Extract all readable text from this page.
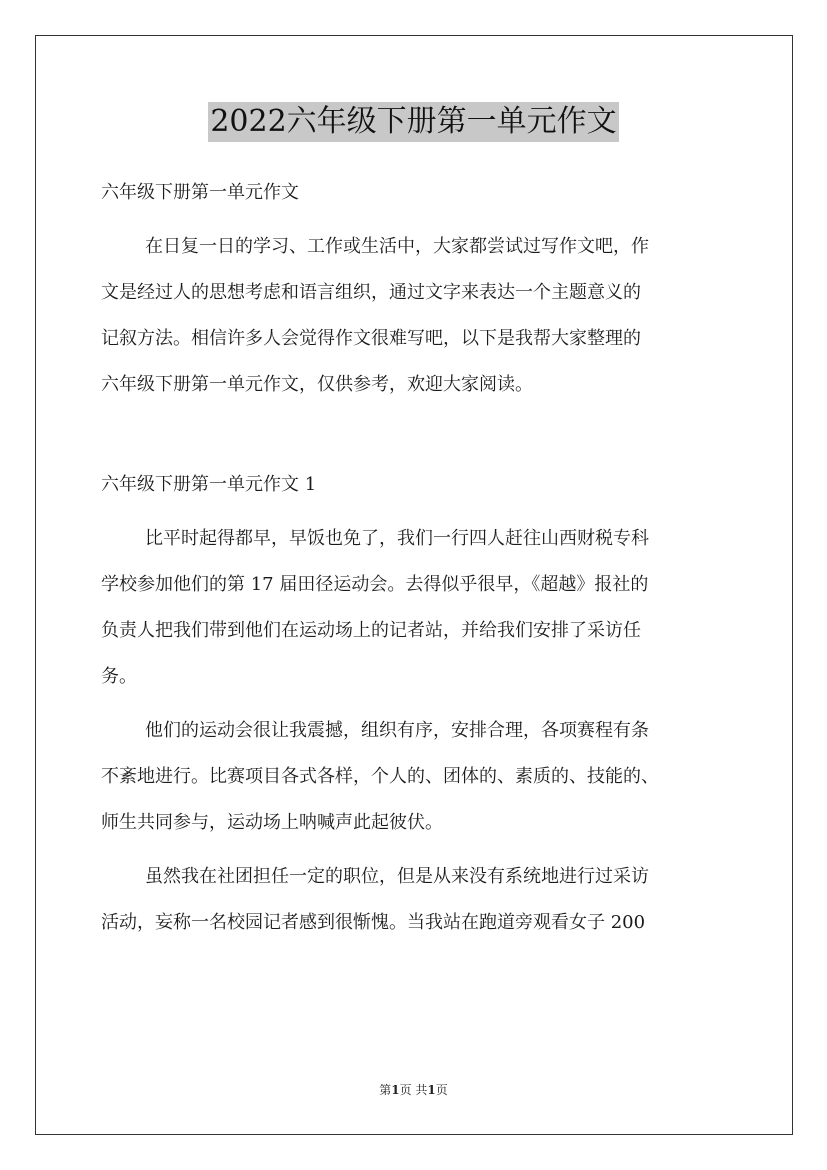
2022六年级下册第一单元作文
六年级下册第一单元作文
在日复一日的学习、工作或生活中，大家都尝试过写作文吧，作
文是经过人的思想考虑和语言组织，通过文字来表达一个主题意义的
记叙方法。相信许多人会觉得作文很难写吧，以下是我帮大家整理的
六年级下册第一单元作文，仅供参考，欢迎大家阅读。
六年级下册第一单元作文 1
比平时起得都早，早饭也免了，我们一行四人赶往山西财税专科
学校参加他们的第 17 届田径运动会。去得似乎很早，《超越》报社的
负责人把我们带到他们在运动场上的记者站，并给我们安排了采访任
务。
他们的运动会很让我震撼，组织有序，安排合理，各项赛程有条
不紊地进行。比赛项目各式各样，个人的、团体的、素质的、技能的、
师生共同参与，运动场上呐喊声此起彼伏。
虽然我在社团担任一定的职位，但是从来没有系统地进行过采访
活动，妄称一名校园记者感到很惭愧。当我站在跑道旁观看女子 200
第1页 共1页
